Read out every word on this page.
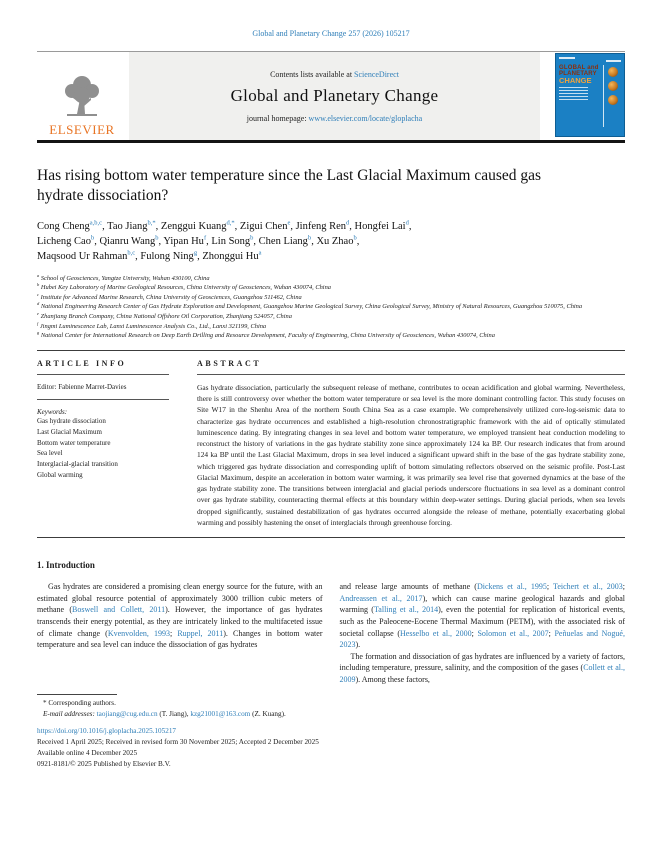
Global and Planetary Change 257 (2026) 105217
ELSEVIER
Contents lists available at ScienceDirect
Global and Planetary Change
journal homepage: www.elsevier.com/locate/gloplacha
GLOBAL and
PLANETARY
CHANGE
Has rising bottom water temperature since the Last Glacial Maximum caused gas hydrate dissociation?
Cong Cheng$^{a,b,c}$, Tao Jiang$^{b,*}$, Zenggui Kuang$^{d,*}$, Zigui Chen$^e$, Jinfeng Ren$^d$, Hongfei Lai$^d$,
Licheng Cao$^b$, Qianru Wang$^b$, Yipan Hu$^f$, Lin Song$^b$, Chen Liang$^b$, Xu Zhao$^b$,
Maqsood Ur Rahman$^{b,c}$, Fulong Ning$^g$, Zhonggui Hu$^a$
$^a$ School of Geosciences, Yangtze University, Wuhan 430100, China
$^b$ Hubei Key Laboratory of Marine Geological Resources, China University of Geosciences, Wuhan 430074, China
$^c$ Institute for Advanced Marine Research, China University of Geosciences, Guangzhou 511462, China
$^d$ National Engineering Research Center of Gas Hydrate Exploration and Development, Guangzhou Marine Geological Survey, China Geological Survey, Ministry of Natural Resources, Guangzhou 510075, China
$^e$ Zhanjiang Branch Company, China National Offshore Oil Corporation, Zhanjiang 524057, China
$^f$ Jingmi Luminescence Lab, Lanxi Luminescence Analysis Co., Ltd., Lanxi 321199, China
$^g$ National Center for International Research on Deep Earth Drilling and Resource Development, Faculty of Engineering, China University of Geosciences, Wuhan 430074, China
ARTICLE INFO
Editor: Fabienne Marret-Davies
Keywords:
Gas hydrate dissociation
Last Glacial Maximum
Bottom water temperature
Sea level
Interglacial-glacial transition
Global warming
ABSTRACT
Gas hydrate dissociation, particularly the subsequent release of methane, contributes to ocean acidification and global warming. Nevertheless, there is still controversy over whether the bottom water temperature or sea level is the more dominant controlling factor. This study focuses on Site W17 in the Shenhu Area of the northern South China Sea as a case example. We comprehensively utilized core-log-seismic data to characterize gas hydrate occurrences and established a high-resolution chronostratigraphic framework with the aid of optically stimulated luminescence dating. By integrating changes in sea level and bottom water temperature, we employed transient heat conduction modeling to reconstruct the history of variations in the gas hydrate stability zone since approximately 124 ka BP. Our research indicates that from around 124 ka BP until the Last Glacial Maximum, drops in sea level induced a significant upward shift in the base of the gas hydrate stability zone, which triggered gas hydrate dissociation and corresponding uplift of bottom simulating reflectors observed on the seismic profile. Post-Last Glacial Maximum, despite an acceleration in bottom water warming, it was primarily sea level rise that governed dynamics at the base of the gas hydrate stability zone. The transitions between interglacial and glacial periods underscore fluctuations in sea level as a dominant control over gas hydrate stability, counteracting thermal effects at this boundary within deep-water settings. During glacial periods, when sea levels dropped significantly, sustained destabilization of gas hydrates occurred alongside the release of methane, potentially exacerbating global warming and possibly hastening the onset of interglacials through greenhouse forcing.
1. Introduction

Gas hydrates are considered a promising clean energy source for the future, with an estimated global resource potential of approximately 3000 trillion cubic meters of methane (Boswell and Collett, 2011). However, the importance of gas hydrates transcends their energy potential, as they are intricately linked to the multifaceted issue of climate change (Kvenvolden, 1993; Ruppel, 2011). Changes in bottom water temperature and sea level can induce the dissociation of gas hydrates

and release large amounts of methane (Dickens et al., 1995; Teichert et al., 2003; Andreassen et al., 2017), which can cause marine geological hazards and global warming (Talling et al., 2014), even the potential for replication of historical events, such as the Paleocene-Eocene Thermal Maximum (PETM), with the associated risk of societal collapse (Hesselbo et al., 2000; Solomon et al., 2007; Peñuelas and Nogué, 2023).

The formation and dissociation of gas hydrates are influenced by a variety of factors, including temperature, pressure, salinity, and the composition of the gases (Collett et al., 2009). Among these factors,

* Corresponding authors.
E-mail addresses: taojiang@cug.edu.cn (T. Jiang), kzg21001@163.com (Z. Kuang).
https://doi.org/10.1016/j.gloplacha.2025.105217
Received 1 April 2025; Received in revised form 30 November 2025; Accepted 2 December 2025
Available online 4 December 2025
0921-8181/© 2025 Published by Elsevier B.V.
